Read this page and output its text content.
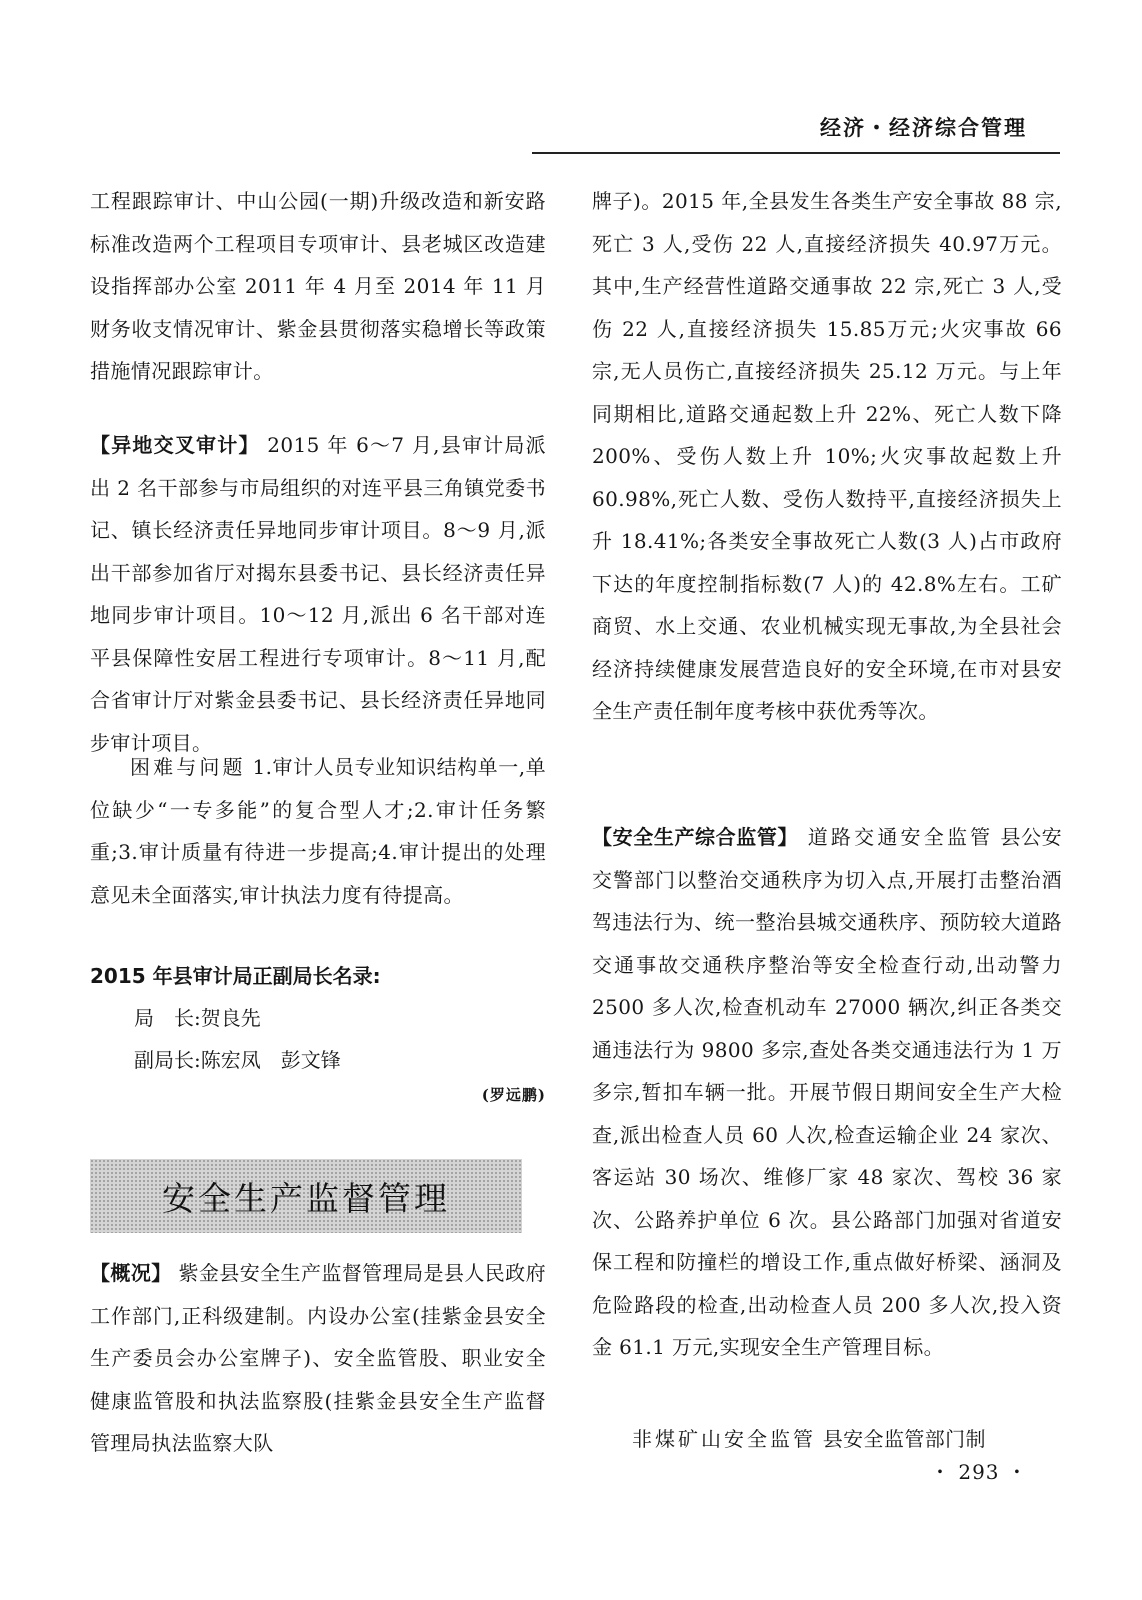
经济・经济综合管理

工程跟踪审计、中山公园(一期)升级改造和新安路标准改造两个工程项目专项审计、县老城区改造建设指挥部办公室 2011 年 4 月至 2014 年 11 月财务收支情况审计、紫金县贯彻落实稳增长等政策措施情况跟踪审计。

【异地交叉审计】 2015 年 6～7 月,县审计局派出 2 名干部参与市局组织的对连平县三角镇党委书记、镇长经济责任异地同步审计项目。8～9 月,派出干部参加省厅对揭东县委书记、县长经济责任异地同步审计项目。10～12 月,派出 6 名干部对连平县保障性安居工程进行专项审计。8～11 月,配合省审计厅对紫金县委书记、县长经济责任异地同步审计项目。

困难与问题 1.审计人员专业知识结构单一,单位缺少“一专多能”的复合型人才;2.审计任务繁重;3.审计质量有待进一步提高;4.审计提出的处理意见未全面落实,审计执法力度有待提高。

2015 年县审计局正副局长名录:

局　长:贺良先

副局长:陈宏凤　彭文锋

(罗远鹏)

安全生产监督管理

【概况】 紫金县安全生产监督管理局是县人民政府工作部门,正科级建制。内设办公室(挂紫金县安全生产委员会办公室牌子)、安全监管股、职业安全健康监管股和执法监察股(挂紫金县安全生产监督管理局执法监察大队

牌子)。2015 年,全县发生各类生产安全事故 88 宗,死亡 3 人,受伤 22 人,直接经济损失 40.97万元。其中,生产经营性道路交通事故 22 宗,死亡 3 人,受伤 22 人,直接经济损失 15.85万元;火灾事故 66 宗,无人员伤亡,直接经济损失 25.12 万元。与上年同期相比,道路交通起数上升 22%、死亡人数下降 200%、受伤人数上升 10%;火灾事故起数上升60.98%,死亡人数、受伤人数持平,直接经济损失上升 18.41%;各类安全事故死亡人数(3 人)占市政府下达的年度控制指标数(7 人)的 42.8%左右。工矿商贸、水上交通、农业机械实现无事故,为全县社会经济持续健康发展营造良好的安全环境,在市对县安全生产责任制年度考核中获优秀等次。

【安全生产综合监管】 道路交通安全监管 县公安交警部门以整治交通秩序为切入点,开展打击整治酒驾违法行为、统一整治县城交通秩序、预防较大道路交通事故交通秩序整治等安全检查行动,出动警力 2500 多人次,检查机动车 27000 辆次,纠正各类交通违法行为 9800 多宗,查处各类交通违法行为 1 万多宗,暂扣车辆一批。开展节假日期间安全生产大检查,派出检查人员 60 人次,检查运输企业 24 家次、客运站 30 场次、维修厂家 48 家次、驾校 36 家次、公路养护单位 6 次。县公路部门加强对省道安保工程和防撞栏的增设工作,重点做好桥梁、涵洞及危险路段的检查,出动检查人员 200 多人次,投入资金 61.1 万元,实现安全生产管理目标。

非煤矿山安全监管 县安全监管部门制

・ 293 ・
